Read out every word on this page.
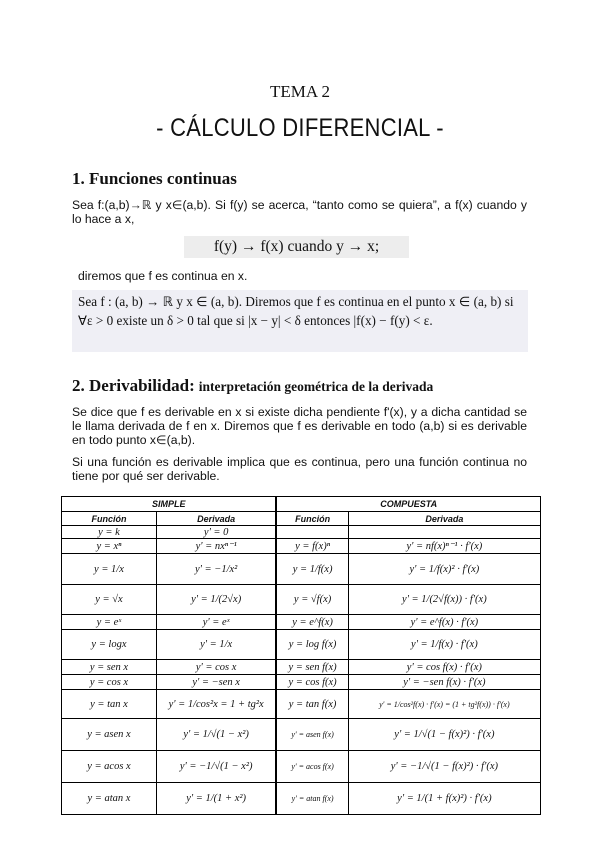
TEMA 2
- CÁLCULO DIFERENCIAL -
1. Funciones continuas
Sea f:(a,b)→ℝ y x∈(a,b). Si f(y) se acerca, “tanto como se quiera”, a f(x) cuando y lo hace a x,
f(y) → f(x) cuando y → x;
diremos que f es continua en x.
Sea f : (a, b) → ℝ y x ∈ (a, b). Diremos que f es continua en el punto x ∈ (a, b) si ∀ε > 0 existe un δ > 0 tal que si |x − y| < δ entonces |f(x) − f(y) < ε.
2. Derivabilidad: interpretación geométrica de la derivada
Se dice que f es derivable en x si existe dicha pendiente f'(x), y a dicha cantidad se le llama derivada de f en x. Diremos que f es derivable en todo (a,b) si es derivable en todo punto x∈(a,b).
Si una función es derivable implica que es continua, pero una función continua no tiene por qué ser derivable.
SIMPLE		COMPUESTA	
Función	Derivada	Función	Derivada
y = k	y' = 0		
y = xⁿ	y' = nxⁿ⁻¹	y = f(x)ⁿ	y' = nf(x)ⁿ⁻¹ · f'(x)
y = 1/x	y' = −1/x²	y = 1/f(x)	y' = 1/f(x)² · f'(x)
y = √x	y' = 1/(2√x)	y = √f(x)	y' = 1/(2√f(x)) · f'(x)
y = eˣ	y' = eˣ	y = e^f(x)	y' = e^f(x) · f'(x)
y = logx	y' = 1/x	y = log f(x)	y' = 1/f(x) · f'(x)
y = sen x	y' = cos x	y = sen f(x)	y' = cos f(x) · f'(x)
y = cos x	y' = −sen x	y = cos f(x)	y' = −sen f(x) · f'(x)
y = tan x	y' = 1/cos²x = 1 + tg²x	y = tan f(x)	y' = 1/cos²f(x) · f'(x) = (1 + tg²f(x)) · f'(x)
y = asen x	y' = 1/√(1 − x²)	y' = asen f(x)	y' = 1/√(1 − f(x)²) · f'(x)
y = acos x	y' = −1/√(1 − x²)	y' = acos f(x)	y' = −1/√(1 − f(x)²) · f'(x)
y = atan x	y' = 1/(1 + x²)	y' = atan f(x)	y' = 1/(1 + f(x)²) · f'(x)
